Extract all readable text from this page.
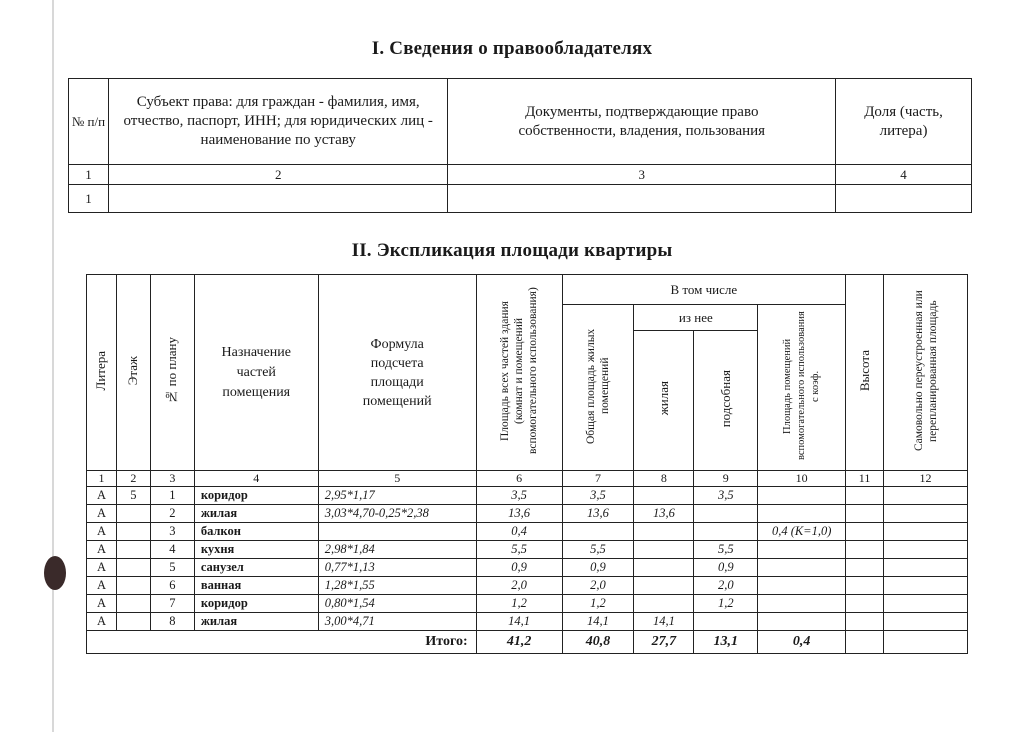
I. Сведения о правообладателях
№ п/п	Субъект права: для граждан - фамилия, имя, отчество, паспорт, ИНН; для юридических лиц - наименование по уставу	Документы, подтверждающие право собственности, владения, пользования	Доля (часть, литера)
1	2	3	4
1			
II. Экспликация площади квартиры
Литера	Этаж	№ по плану	Назначение частей помещения	Формула подсчета площади помещений	Площадь всех частей здания (комнат и помещений вспомогательного использования)	В том числе				Высота	Самовольно переустроенная или перепланированная площадь
						Общая площадь жилых помещений	из нее		Площадь помещений вспомогательного использования с коэф.		
							жилая	подсобная			
1	2	3	4	5	6	7	8	9	10	11	12
А	5	1	коридор	2,95*1,17	3,5	3,5		3,5			
А		2	жилая	3,03*4,70-0,25*2,38	13,6	13,6	13,6				
А		3	балкон		0,4				0,4 (К=1,0)		
А		4	кухня	2,98*1,84	5,5	5,5		5,5			
А		5	санузел	0,77*1,13	0,9	0,9		0,9			
А		6	ванная	1,28*1,55	2,0	2,0		2,0			
А		7	коридор	0,80*1,54	1,2	1,2		1,2			
А		8	жилая	3,00*4,71	14,1	14,1	14,1				
Итого:					41,2	40,8	27,7	13,1	0,4		
